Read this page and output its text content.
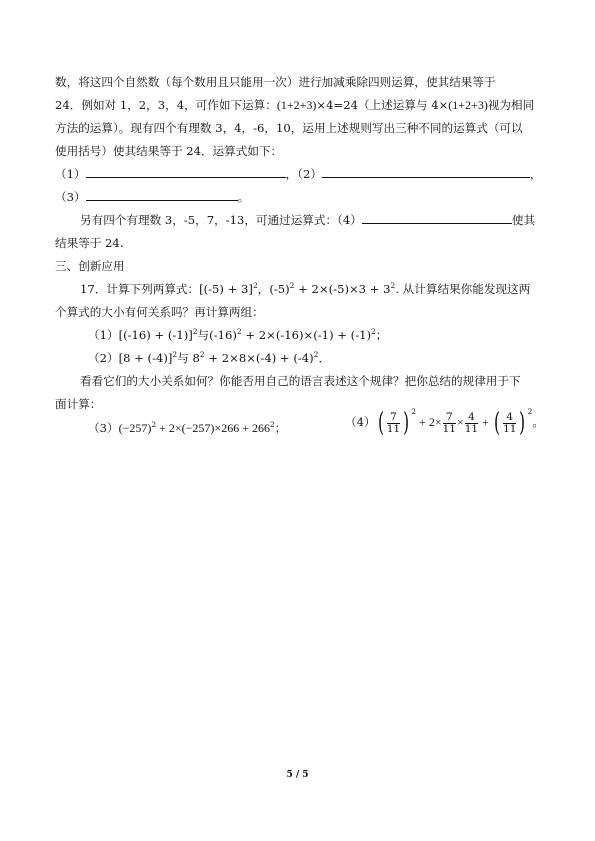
数，将这四个自然数（每个数用且只能用一次）进行加减乘除四则运算，使其结果等于
24．例如对 1，2，3，4，可作如下运算：(1+2+3)×4=24（上述运算与 4×(1+2+3)视为相同
方法的运算）。现有四个有理数 3，4，-6，10，运用上述规则写出三种不同的运算式（可以
使用括号）使其结果等于 24．运算式如下：
（1）	，（2）	，
（3）	。
另有四个有理数 3，-5，7，-13，可通过运算式：（4）	使其
结果等于 24.
三、创新应用
17．计算下列两算式：$[(-5) + 3]^2$，$(-5)^2 + 2\times(-5)\times 3 + 3^2$. 从计算结果你能发现这两
个算式的大小有何关系吗？再计算两组：
$(1)[(-16) + (-1)]^2$与$(-16)^2 + 2\times(-16)\times(-1) + (-1)^2$；
$(2)[8 + (-4)]^2$与 $8^2 + 2\times 8\times(-4) + (-4)^2$．
看看它们的大小关系如何？你能否用自己的语言表述这个规律？把你总结的规律用于下
面计算：
$(3)(-257)^2 + 2\times(-257)\times 266 + 266^2$；	$(4)( \frac{7}{11}$ ) $^2 + 2\times \frac{7}{11} \times \frac{4}{11}$ + ( $\frac{4}{11}$ ) $^2$。
5 / 5
